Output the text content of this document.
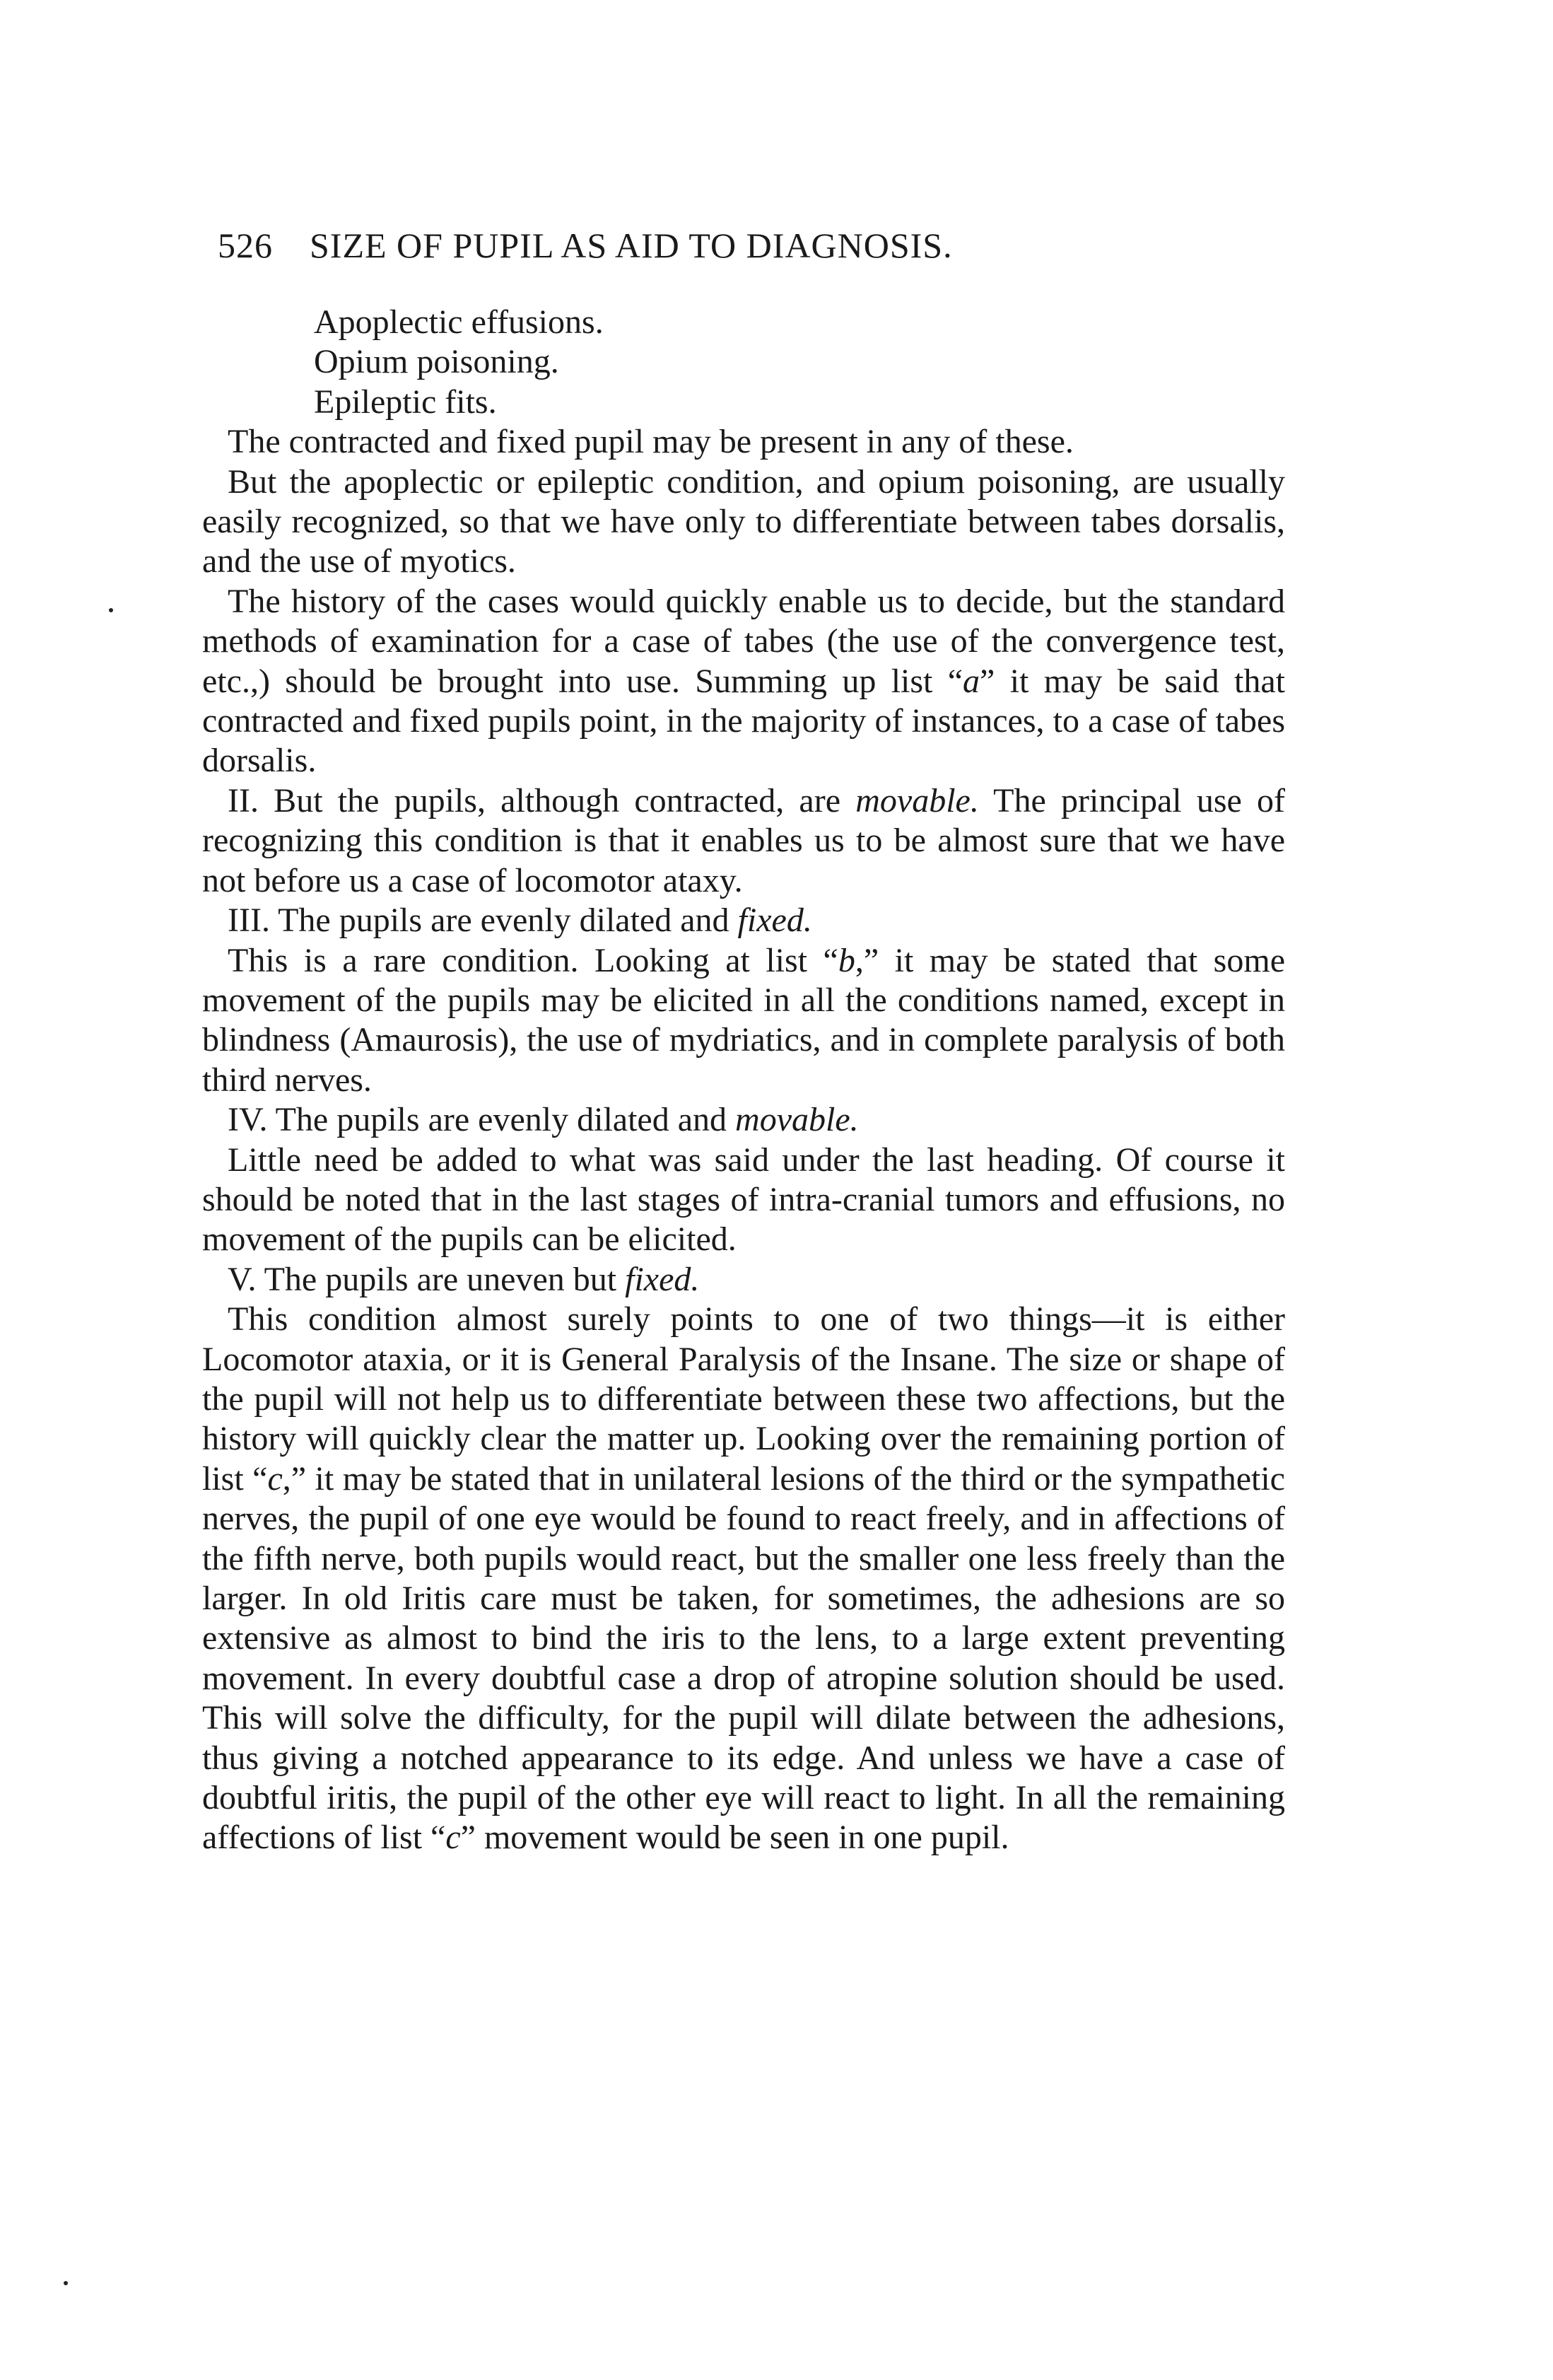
526 SIZE OF PUPIL AS AID TO DIAGNOSIS.

Apoplectic effusions.

Opium poisoning.

Epileptic fits.

The contracted and fixed pupil may be present in any of these.

But the apoplectic or epileptic condition, and opium poisoning, are usually easily recognized, so that we have only to differentiate between tabes dorsalis, and the use of myotics.

The history of the cases would quickly enable us to decide, but the standard methods of examination for a case of tabes (the use of the convergence test, etc.,) should be brought into use. Summing up list “a” it may be said that contracted and fixed pupils point, in the majority of instances, to a case of tabes dorsalis.

II. But the pupils, although contracted, are movable. The principal use of recognizing this condition is that it enables us to be almost sure that we have not before us a case of locomotor ataxy.

III. The pupils are evenly dilated and fixed.

This is a rare condition. Looking at list “b,” it may be stated that some movement of the pupils may be elicited in all the conditions named, except in blindness (Amaurosis), the use of mydriatics, and in complete paralysis of both third nerves.

IV. The pupils are evenly dilated and movable.

Little need be added to what was said under the last heading. Of course it should be noted that in the last stages of intra-cranial tumors and effusions, no movement of the pupils can be elicited.

V. The pupils are uneven but fixed.

This condition almost surely points to one of two things—it is either Locomotor ataxia, or it is General Paralysis of the Insane. The size or shape of the pupil will not help us to differentiate between these two affections, but the history will quickly clear the matter up. Looking over the remaining portion of list “c,” it may be stated that in unilateral lesions of the third or the sympathetic nerves, the pupil of one eye would be found to react freely, and in affections of the fifth nerve, both pupils would react, but the smaller one less freely than the larger. In old Iritis care must be taken, for sometimes, the adhesions are so extensive as almost to bind the iris to the lens, to a large extent preventing movement. In every doubtful case a drop of atropine solution should be used. This will solve the difficulty, for the pupil will dilate between the adhesions, thus giving a notched appearance to its edge. And unless we have a case of doubtful iritis, the pupil of the other eye will react to light. In all the remaining affections of list “c” movement would be seen in one pupil.
